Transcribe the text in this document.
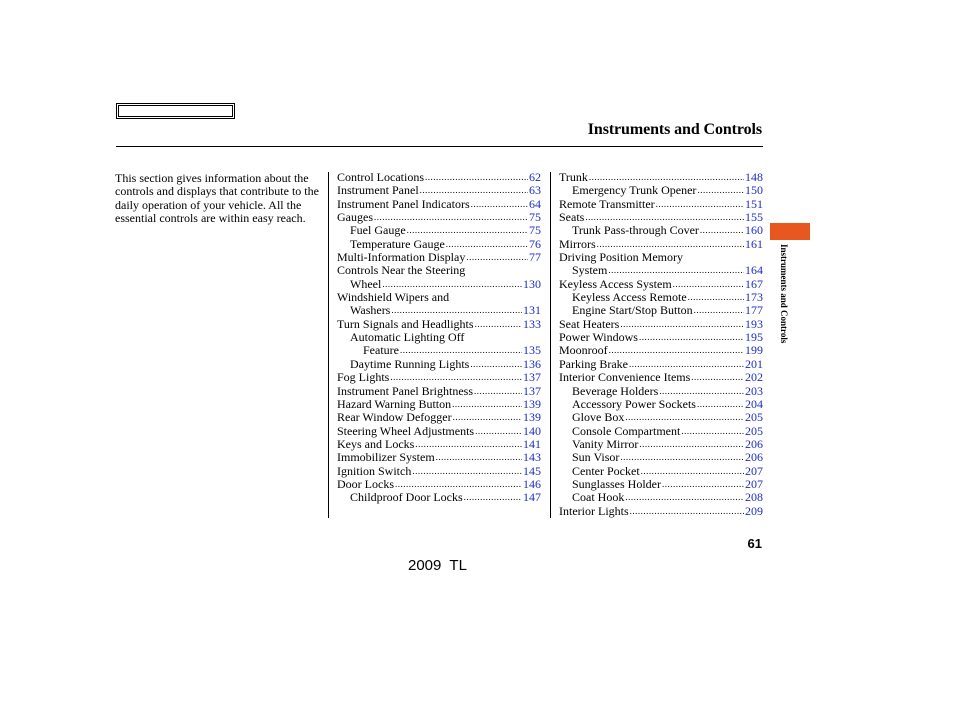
Instruments and Controls
This section gives information about the controls and displays that contribute to the daily operation of your vehicle. All the essential controls are within easy reach.
Control Locations .....	62
Instrument Panel .....	63
Instrument Panel Indicators .....	64
Gauges .....	75
Fuel Gauge .....	75
Temperature Gauge .....	76
Multi-Information Display .....	77
Controls Near the Steering
Wheel .....	130
Windshield Wipers and
Washers .....	131
Turn Signals and Headlights .....	133
Automatic Lighting Off
Feature .....	135
Daytime Running Lights .....	136
Fog Lights .....	137
Instrument Panel Brightness .....	137
Hazard Warning Button .....	139
Rear Window Defogger .....	139
Steering Wheel Adjustments .....	140
Keys and Locks .....	141
Immobilizer System .....	143
Ignition Switch .....	145
Door Locks .....	146
Childproof Door Locks .....	147
Trunk .....	148
Emergency Trunk Opener .....	150
Remote Transmitter .....	151
Seats .....	155
Trunk Pass-through Cover .....	160
Mirrors .....	161
Driving Position Memory
System .....	164
Keyless Access System .....	167
Keyless Access Remote .....	173
Engine Start/Stop Button .....	177
Seat Heaters .....	193
Power Windows .....	195
Moonroof .....	199
Parking Brake .....	201
Interior Convenience Items .....	202
Beverage Holders .....	203
Accessory Power Sockets .....	204
Glove Box .....	205
Console Compartment .....	205
Vanity Mirror .....	206
Sun Visor .....	206
Center Pocket .....	207
Sunglasses Holder .....	207
Coat Hook .....	208
Interior Lights .....	209
Instruments and Controls
61
2009  TL
